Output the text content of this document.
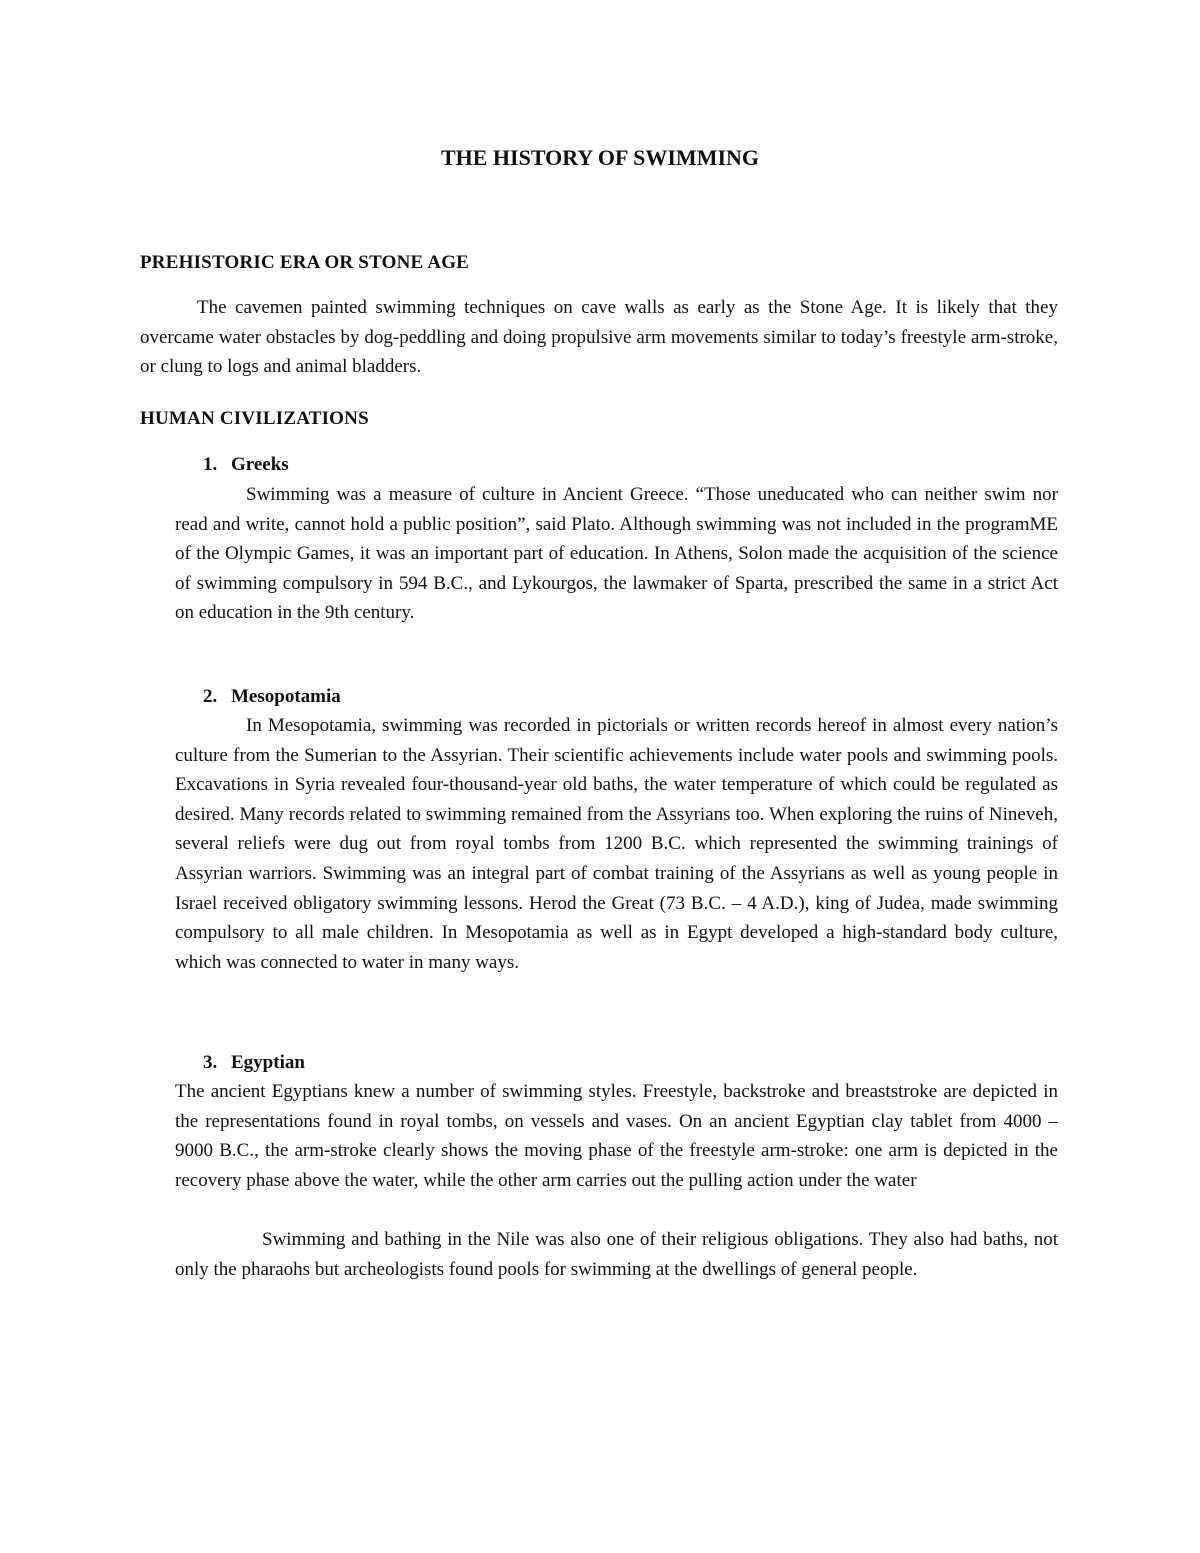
THE HISTORY OF SWIMMING
PREHISTORIC ERA OR STONE AGE

The cavemen painted swimming techniques on cave walls as early as the Stone Age. It is likely that they overcame water obstacles by dog-peddling and doing propulsive arm movements similar to today’s freestyle arm-stroke, or clung to logs and animal bladders.

HUMAN CIVILIZATIONS
1. Greeks

Swimming was a measure of culture in Ancient Greece. “Those uneducated who can neither swim nor read and write, cannot hold a public position”, said Plato. Although swimming was not included in the programME of the Olympic Games, it was an important part of education. In Athens, Solon made the acquisition of the science of swimming compulsory in 594 B.C., and Lykourgos, the lawmaker of Sparta, prescribed the same in a strict Act on education in the 9th century.

2. Mesopotamia

In Mesopotamia, swimming was recorded in pictorials or written records hereof in almost every nation’s culture from the Sumerian to the Assyrian. Their scientific achievements include water pools and swimming pools. Excavations in Syria revealed four-thousand-year old baths, the water temperature of which could be regulated as desired. Many records related to swimming remained from the Assyrians too. When exploring the ruins of Nineveh, several reliefs were dug out from royal tombs from 1200 B.C. which represented the swimming trainings of Assyrian warriors. Swimming was an integral part of combat training of the Assyrians as well as young people in Israel received obligatory swimming lessons. Herod the Great (73 B.C. – 4 A.D.), king of Judea, made swimming compulsory to all male children. In Mesopotamia as well as in Egypt developed a high-standard body culture, which was connected to water in many ways.

3. Egyptian

The ancient Egyptians knew a number of swimming styles. Freestyle, backstroke and breaststroke are depicted in the representations found in royal tombs, on vessels and vases. On an ancient Egyptian clay tablet from 4000 – 9000 B.C., the arm-stroke clearly shows the moving phase of the freestyle arm-stroke: one arm is depicted in the recovery phase above the water, while the other arm carries out the pulling action under the water

Swimming and bathing in the Nile was also one of their religious obligations. They also had baths, not only the pharaohs but archeologists found pools for swimming at the dwellings of general people.
